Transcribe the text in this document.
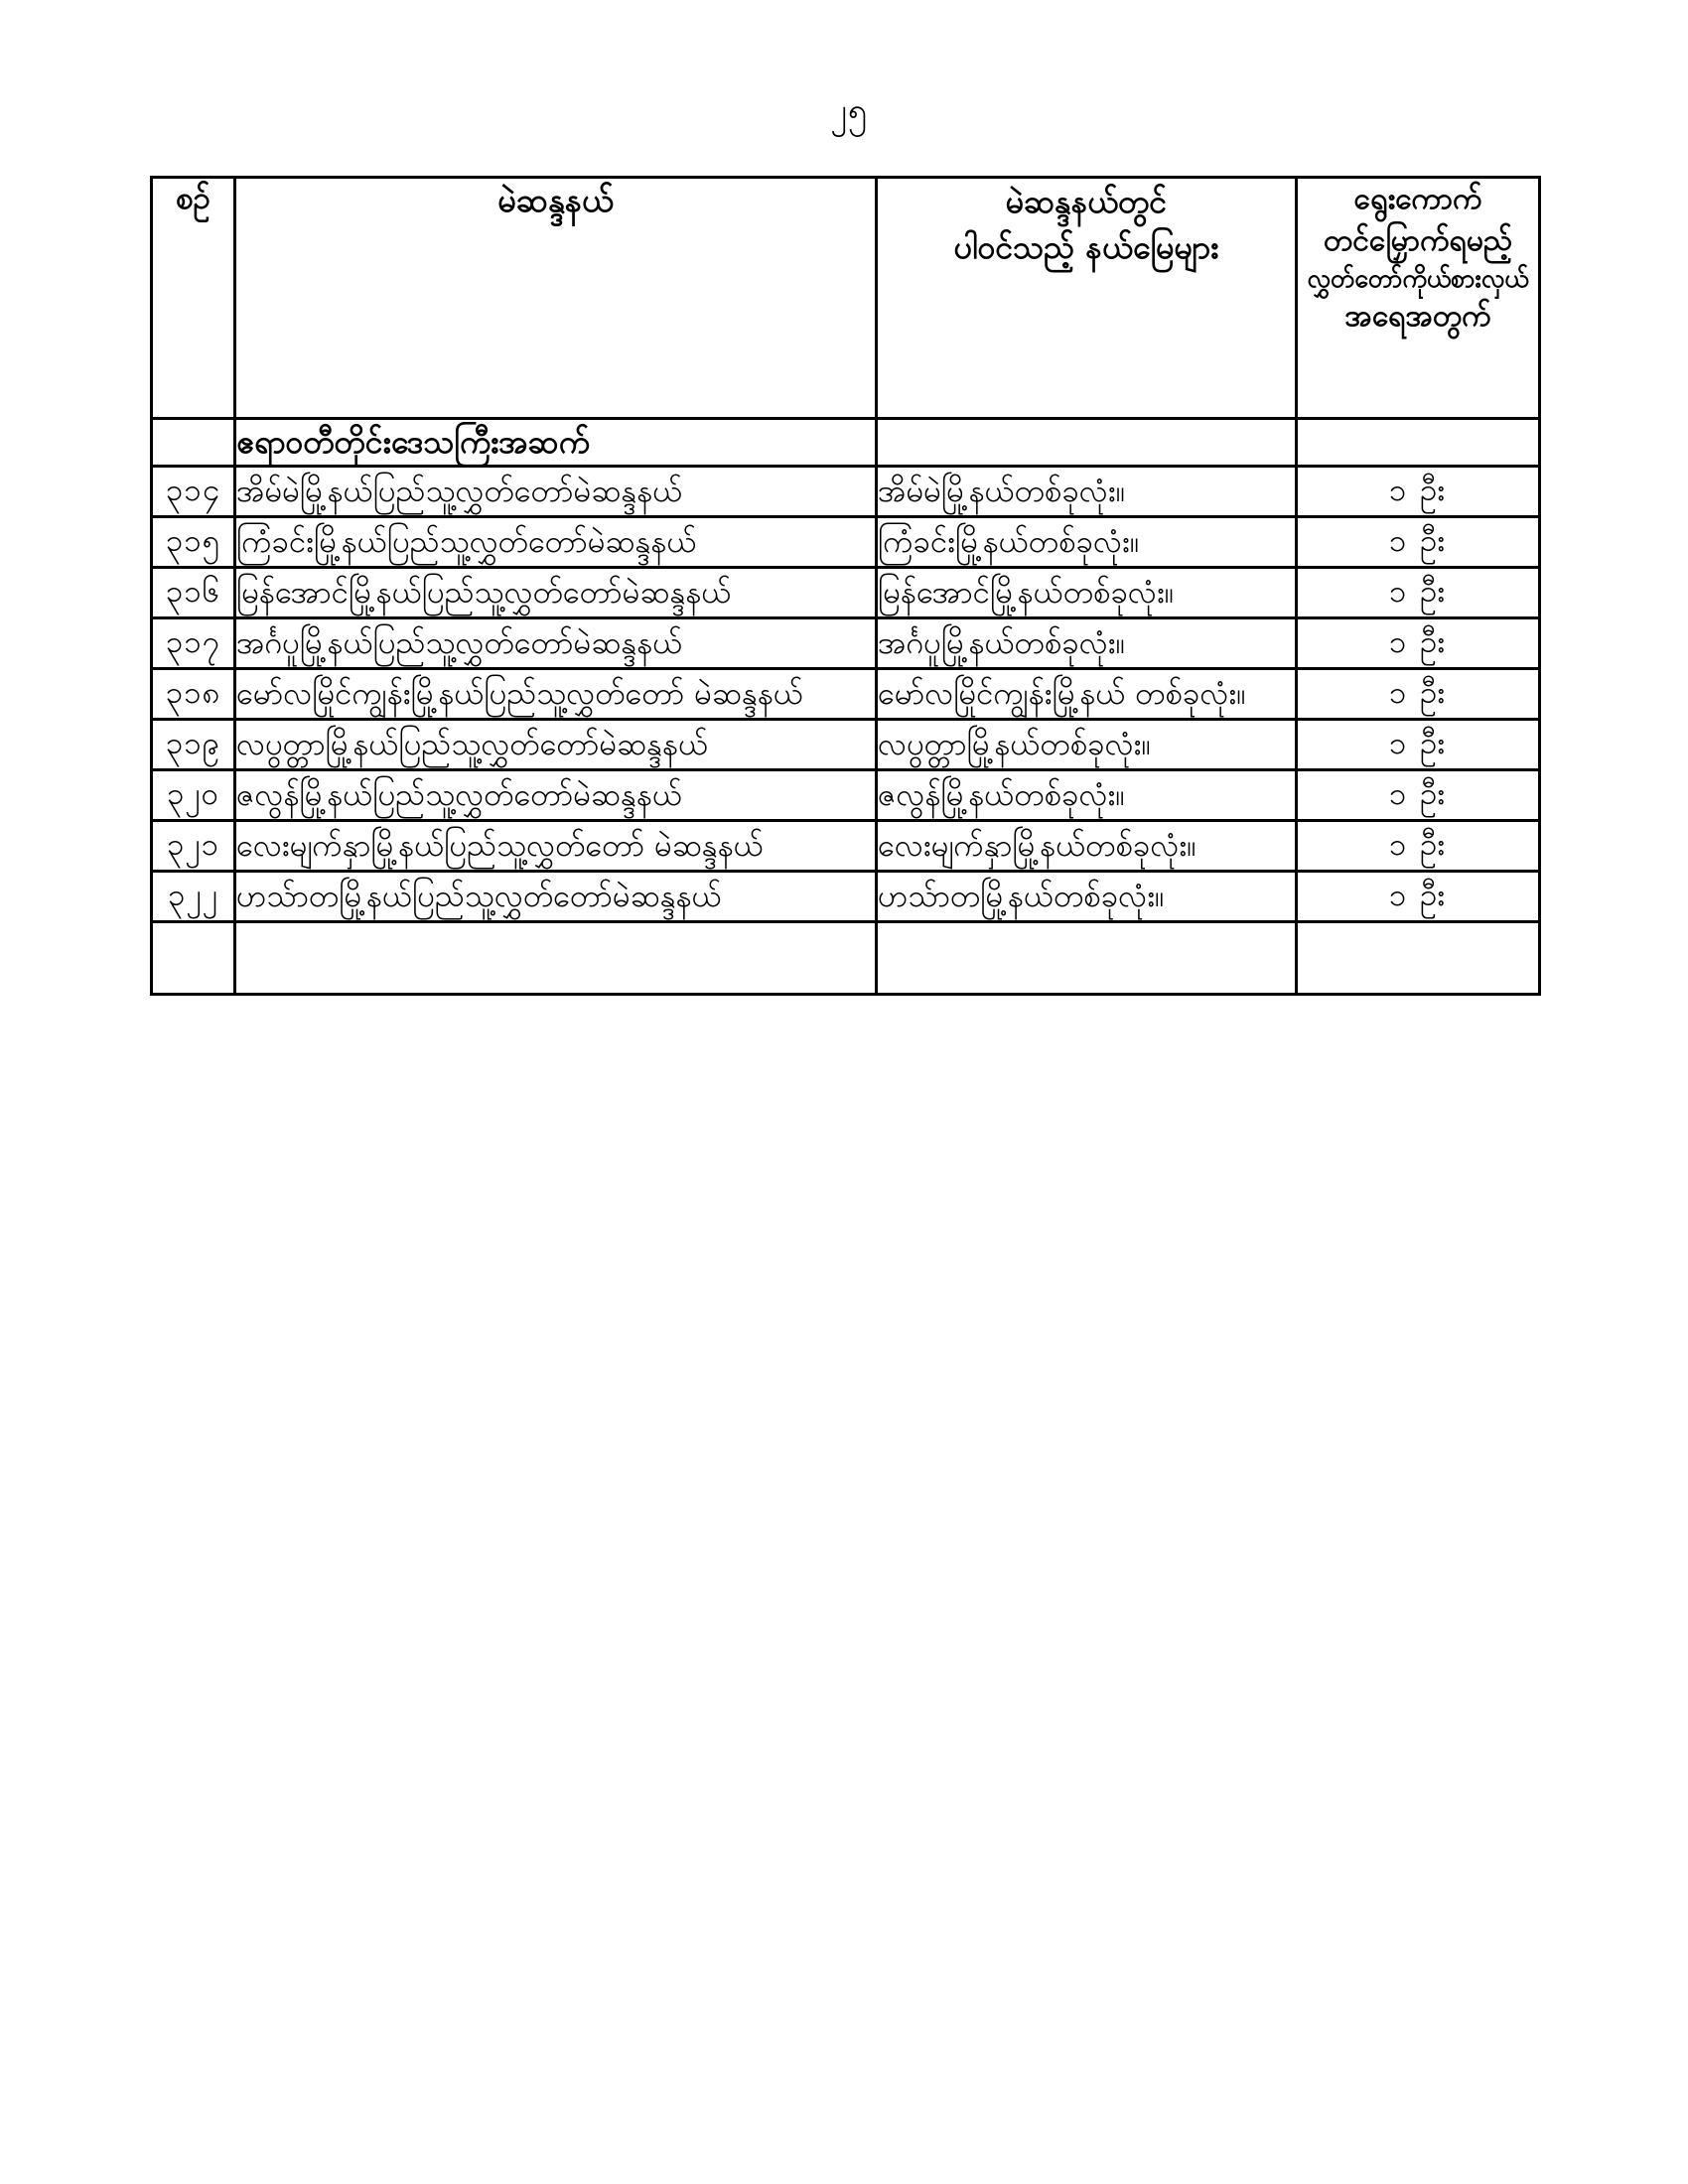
၂၅
စဉ်	မဲဆန္ဒနယ်	မဲဆန္ဒနယ်တွင်
ပါဝင်သည့် နယ်မြေများ	ရွေးကောက်
တင်မြှောက်ရမည့်
လွှတ်တော်ကိုယ်စားလှယ်
အရေအတွက်

	ဧရာဝတီတိုင်းဒေသကြီးအဆက်		
၃၁၄	အိမ်မဲမြို့နယ်ပြည်သူ့လွှတ်တော်မဲဆန္ဒနယ်	အိမ်မဲမြို့နယ်တစ်ခုလုံး။	၁ ဦး
၃၁၅	ကြံခင်းမြို့နယ်ပြည်သူ့လွှတ်တော်မဲဆန္ဒနယ်	ကြံခင်းမြို့နယ်တစ်ခုလုံး။	၁ ဦး
၃၁၆	မြန်အောင်မြို့နယ်ပြည်သူ့လွှတ်တော်မဲဆန္ဒနယ်	မြန်အောင်မြို့နယ်တစ်ခုလုံး။	၁ ဦး
၃၁၇	အင်္ဂပူမြို့နယ်ပြည်သူ့လွှတ်တော်မဲဆန္ဒနယ်	အင်္ဂပူမြို့နယ်တစ်ခုလုံး။	၁ ဦး
၃၁၈	မော်လမြိုင်ကျွန်းမြို့နယ်ပြည်သူ့လွှတ်တော် မဲဆန္ဒနယ်	မော်လမြိုင်ကျွန်းမြို့နယ် တစ်ခုလုံး။	၁ ဦး
၃၁၉	လပွတ္တာမြို့နယ်ပြည်သူ့လွှတ်တော်မဲဆန္ဒနယ်	လပွတ္တာမြို့နယ်တစ်ခုလုံး။	၁ ဦး
၃၂၀	ဇလွန်မြို့နယ်ပြည်သူ့လွှတ်တော်မဲဆန္ဒနယ်	ဇလွန်မြို့နယ်တစ်ခုလုံး။	၁ ဦး
၃၂၁	လေးမျက်နှာမြို့နယ်ပြည်သူ့လွှတ်တော် မဲဆန္ဒနယ်	လေးမျက်နှာမြို့နယ်တစ်ခုလုံး။	၁ ဦး
၃၂၂	ဟသ်ာတမြို့နယ်ပြည်သူ့လွှတ်တော်မဲဆန္ဒနယ်	ဟသ်ာတမြို့နယ်တစ်ခုလုံး။	၁ ဦး
